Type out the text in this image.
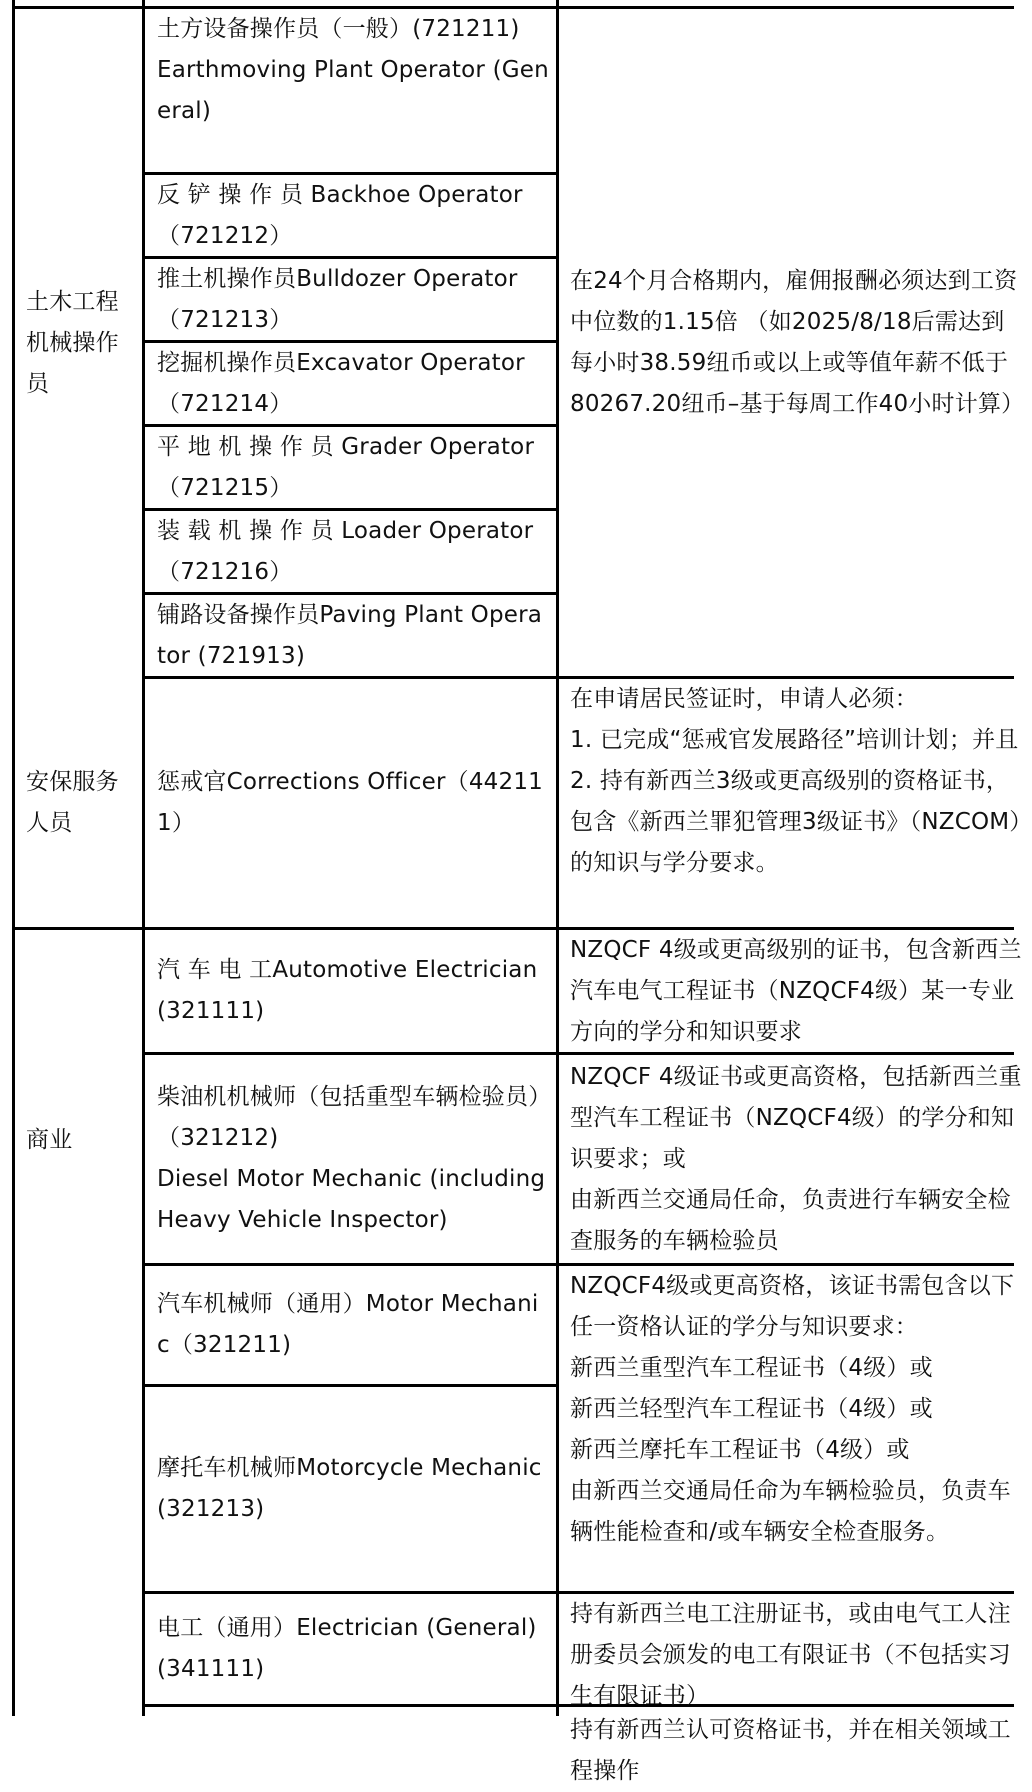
土木工程机械操作员

土方设备操作员（一般）(721211)

Earthmoving Plant Operator (General)

反 铲 操 作 员 Backhoe Operator （721212）

推土机操作员Bulldozer Operator （721213）

挖掘机操作员Excavator Operator （721214）

平 地 机 操 作 员 Grader Operator （721215）

装 载 机 操 作 员 Loader Operator （721216）

铺路设备操作员Paving Plant Operator (721913)

在24个月合格期内，雇佣报酬必须达到工资中位数的1.15倍 （如2025/8/18后需达到每小时38.59纽币或以上或等值年薪不低于80267.20纽币–基于每周工作40小时计算）

安保服务人员

惩戒官Corrections Officer（442111）

在申请居民签证时，申请人必须：

1. 已完成“惩戒官发展路径”培训计划；并且

2. 持有新西兰3级或更高级别的资格证书，包含《新西兰罪犯管理3级证书》（NZCOM）的知识与学分要求。

商业

汽 车 电 工Automotive Electrician (321111)

NZQCF 4级或更高级别的证书，包含新西兰汽车电气工程证书（NZQCF4级）某一专业方向的学分和知识要求

柴油机机械师（包括重型车辆检验员）（321212)

Diesel Motor Mechanic (including Heavy Vehicle Inspector)

NZQCF 4级证书或更高资格，包括新西兰重型汽车工程证书（NZQCF4级）的学分和知识要求；或

由新西兰交通局任命，负责进行车辆安全检查服务的车辆检验员

汽车机械师（通用）Motor Mechanic（321211)

摩托车机械师Motorcycle Mechanic (321213)

NZQCF4级或更高资格，该证书需包含以下任一资格认证的学分与知识要求：

新西兰重型汽车工程证书（4级）或

新西兰轻型汽车工程证书（4级）或

新西兰摩托车工程证书（4级）或

由新西兰交通局任命为车辆检验员，负责车辆性能检查和/或车辆安全检查服务。

电工（通用）Electrician (General) (341111)

持有新西兰电工注册证书，或由电气工人注册委员会颁发的电工有限证书（不包括实习生有限证书）

持有新西兰认可资格证书，并在相关领域工程操作
